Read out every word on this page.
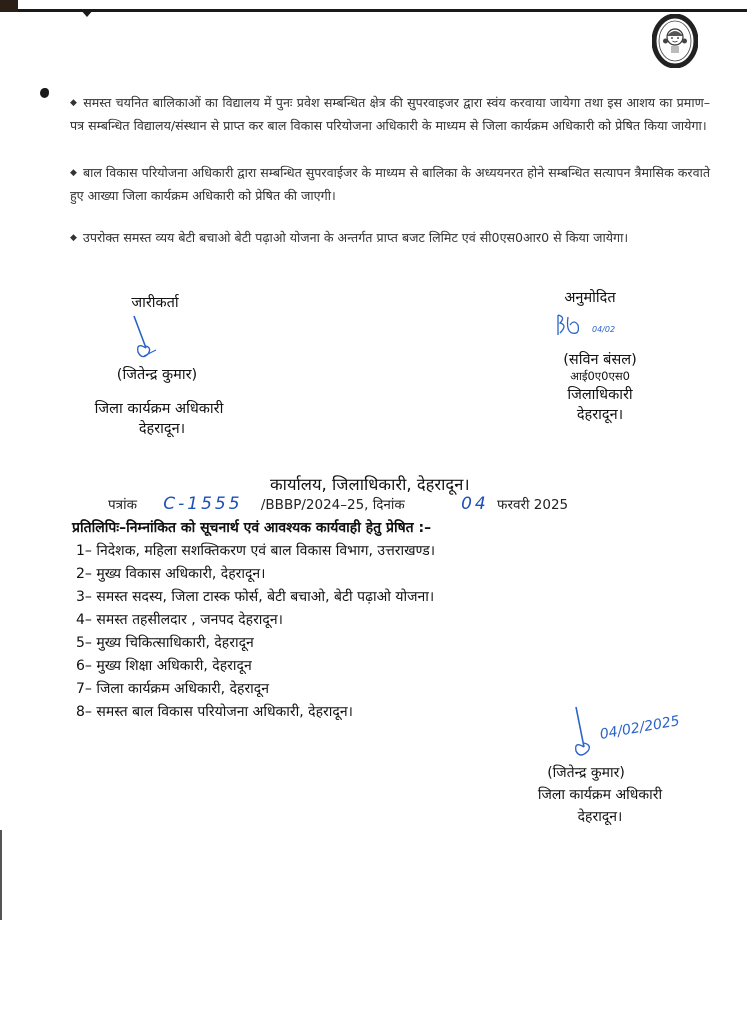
◆ समस्त चयनित बालिकाओं का विद्यालय में पुनः प्रवेश सम्बन्धित क्षेत्र की सुपरवाइजर द्वारा स्वंय करवाया जायेगा तथा इस आशय का प्रमाण–पत्र सम्बन्धित विद्यालय/संस्थान से प्राप्त कर बाल विकास परियोजना अधिकारी के माध्यम से जिला कार्यक्रम अधिकारी को प्रेषित किया जायेगा।
◆ बाल विकास परियोजना अधिकारी द्वारा सम्बन्धित सुपरवाईजर के माध्यम से बालिका के अध्ययनरत होने सम्बन्धित सत्यापन त्रैमासिक करवाते हुए आख्या जिला कार्यक्रम अधिकारी को प्रेषित की जाएगी।
◆ उपरोक्त समस्त व्यय बेटी बचाओ बेटी पढ़ाओ योजना के अन्तर्गत प्राप्त बजट लिमिट एवं सी0एस0आर0 से किया जायेगा।
जारीकर्ता
(जितेन्द्र कुमार)
जिला कार्यक्रम अधिकारी
देहरादून।
अनुमोदित
04/02
(सविन बंसल)
आई0ए0एस0
जिलाधिकारी
देहरादून।
कार्यालय, जिलाधिकारी, देहरादून।
पत्रांक C-1555 /BBBP/2024–25, दिनांक	04 फरवरी 2025
प्रतिलिपिः–निम्नांकित को सूचनार्थ एवं आवश्यक कार्यवाही हेतु प्रेषित :–
1– निदेशक, महिला सशक्तिकरण एवं बाल विकास विभाग, उत्तराखण्ड।
2– मुख्य विकास अधिकारी, देहरादून।
3– समस्त सदस्य, जिला टास्क फोर्स, बेटी बचाओ, बेटी पढ़ाओ योजना।
4– समस्त तहसीलदार , जनपद देहरादून।
5– मुख्य चिकित्साधिकारी, देहरादून
6– मुख्य शिक्षा अधिकारी, देहरादून
7– जिला कार्यक्रम अधिकारी, देहरादून
8– समस्त बाल विकास परियोजना अधिकारी, देहरादून।
04/02/2025
(जितेन्द्र कुमार)
जिला कार्यक्रम अधिकारी
देहरादून।
